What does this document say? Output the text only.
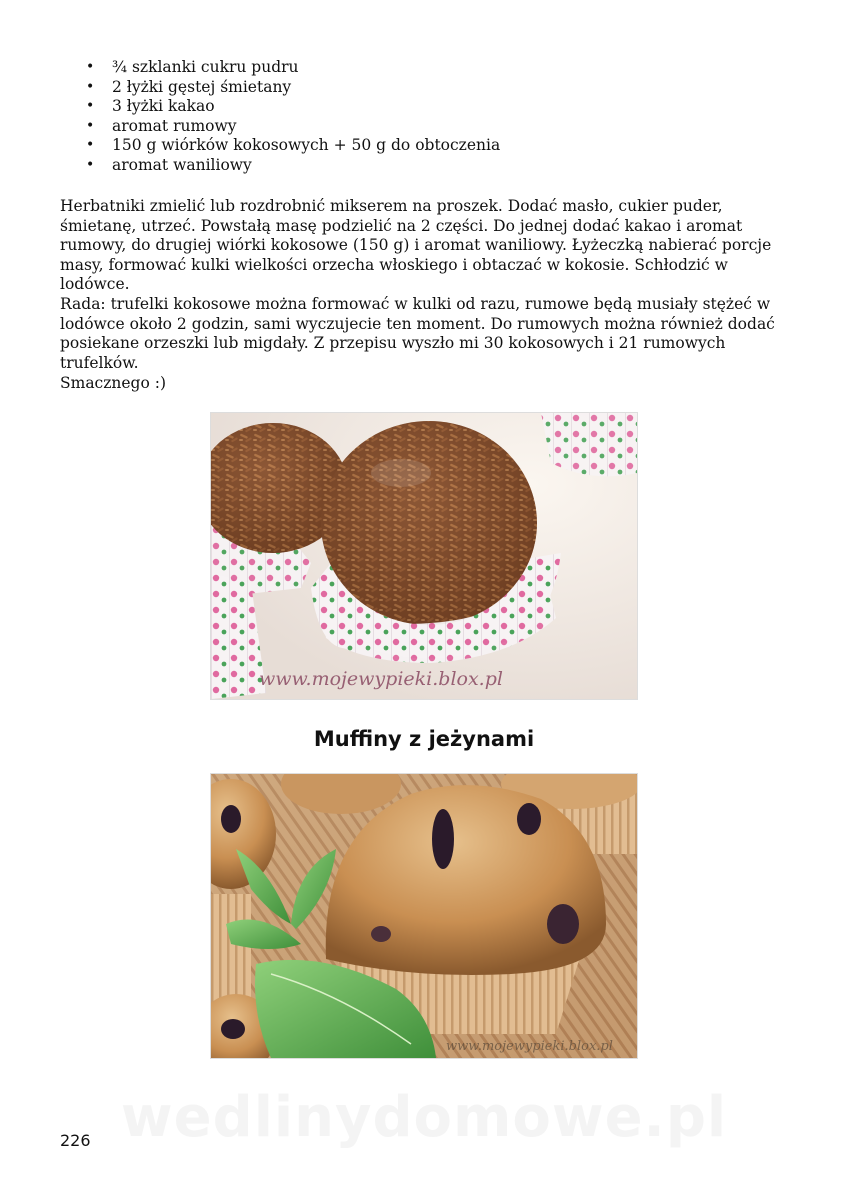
• ¾ szklanki cukru pudru
• 2 łyżki gęstej śmietany
• 3 łyżki kakao
• aromat rumowy
• 150 g wiórków kokosowych + 50 g do obtoczenia
• aromat waniliowy

Herbatniki zmielić lub rozdrobnić mikserem na proszek. Dodać masło, cukier puder, śmietanę, utrzeć. Powstałą masę podzielić na 2 części. Do jednej dodać kakao i aromat rumowy, do drugiej wiórki kokosowe (150 g) i aromat waniliowy. Łyżeczką nabierać porcje masy, formować kulki wielkości orzecha włoskiego i obtaczać w kokosie. Schłodzić w lodówce.

Rada: trufelki kokosowe można formować w kulki od razu, rumowe będą musiały stężeć w lodówce około 2 godzin, sami wyczujecie ten moment. Do rumowych można również dodać posiekane orzeszki lub migdały. Z przepisu wyszło mi 30 kokosowych i 21 rumowych trufelków.

Smacznego :)

www.mojewypieki.blox.pl
Muffiny z jeżynami
www.mojewypieki.blox.pl
wedlinydomowe.pl
226
